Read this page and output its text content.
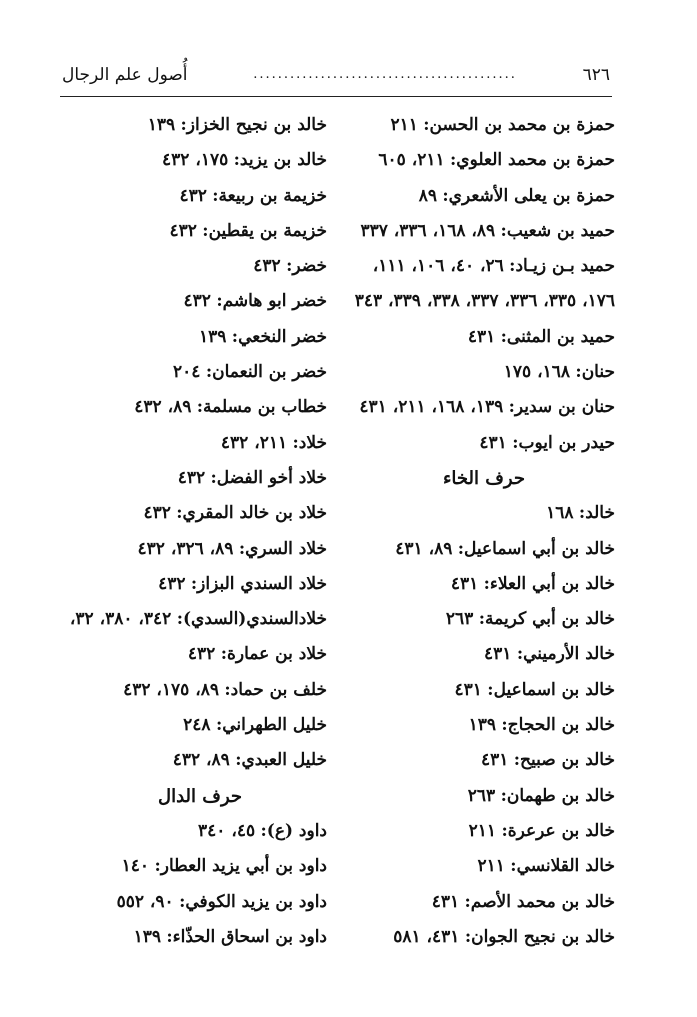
٦٢٦
...........................................
أُصول علم الرجال
حمزة بن محمد بن الحسن: ٢١١
حمزة بن محمد العلوي: ٢١١، ٦٠٥
حمزة بن يعلى الأشعري: ٨٩
حميد بن شعيب: ٨٩، ١٦٨، ٣٣٦، ٣٣٧
حميد بـن زيـاد: ٢٦، ٤٠، ١٠٦، ١١١،
١٧٦، ٣٣٥، ٣٣٦، ٣٣٧، ٣٣٨، ٣٣٩، ٣٤٣
حميد بن المثنى: ٤٣١
حنان: ١٦٨، ١٧٥
حنان بن سدير: ١٣٩، ١٦٨، ٢١١، ٤٣١
حيدر بن ايوب: ٤٣١
حرف الخاء
خالد: ١٦٨
خالد بن أبي اسماعيل: ٨٩، ٤٣١
خالد بن أبي العلاء: ٤٣١
خالد بن أبي كريمة: ٢٦٣
خالد الأرميني: ٤٣١
خالد بن اسماعيل: ٤٣١
خالد بن الحجاج: ١٣٩
خالد بن صبيح: ٤٣١
خالد بن طهمان: ٢٦٣
خالد بن عرعرة: ٢١١
خالد القلانسي: ٢١١
خالد بن محمد الأصم: ٤٣١
خالد بن نجيح الجوان: ٤٣١، ٥٨١
خالد بن نجيح الخزاز: ١٣٩
خالد بن يزيد: ١٧٥، ٤٣٢
خزيمة بن ربيعة: ٤٣٢
خزيمة بن يقطين: ٤٣٢
خضر: ٤٣٢
خضر ابو هاشم: ٤٣٢
خضر النخعي: ١٣٩
خضر بن النعمان: ٢٠٤
خطاب بن مسلمة: ٨٩، ٤٣٢
خلاد: ٢١١، ٤٣٢
خلاد أخو الفضل: ٤٣٢
خلاد بن خالد المقري: ٤٣٢
خلاد السري: ٨٩، ٣٢٦، ٤٣٢
خلاد السندي البزاز: ٤٣٢
خلادالسندي(السدي): ٣٤٢، ٣٨٠، ٣٢،
خلاد بن عمارة: ٤٣٢
خلف بن حماد: ٨٩، ١٧٥، ٤٣٢
خليل الطهراني: ٢٤٨
خليل العبدي: ٨٩، ٤٣٢
حرف الدال
داود (ع): ٤٥، ٣٤٠
داود بن أبي يزيد العطار: ١٤٠
داود بن يزيد الكوفي: ٩٠، ٥٥٢
داود بن اسحاق الحذّاء: ١٣٩
